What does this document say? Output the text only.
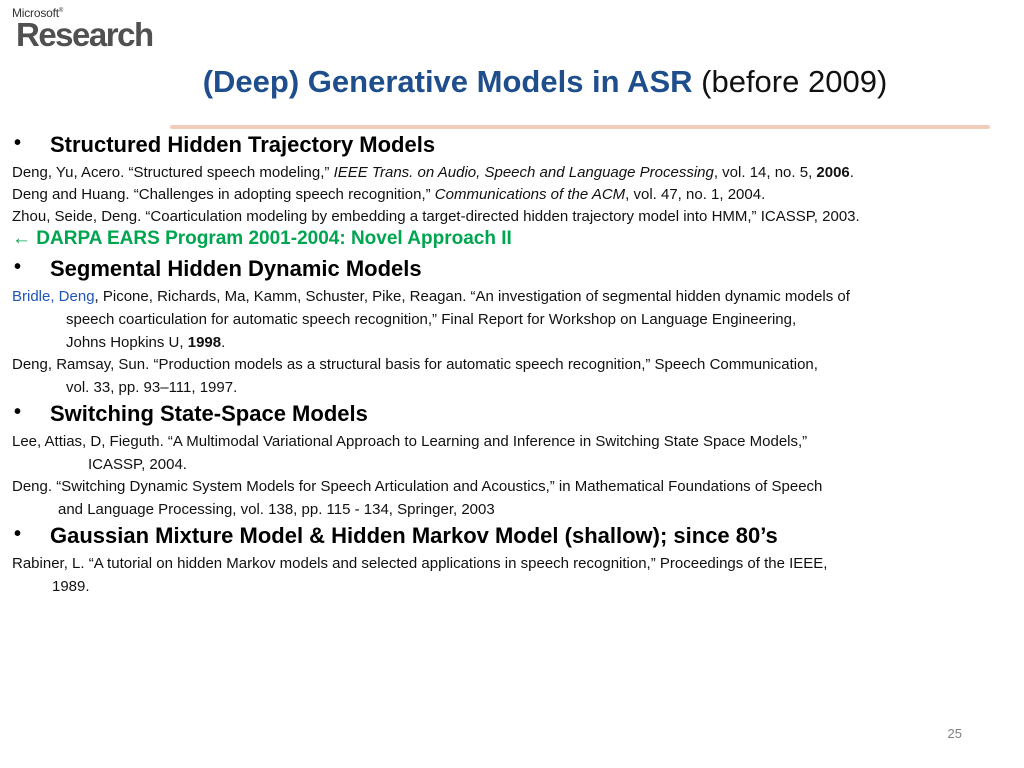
Microsoft®
Research
(Deep) Generative Models in ASR (before 2009)
• Structured Hidden Trajectory Models
Deng, Yu, Acero. “Structured speech modeling,” IEEE Trans. on Audio, Speech and Language Processing, vol. 14, no. 5, 2006.
Deng and Huang. “Challenges in adopting speech recognition,” Communications of the ACM, vol. 47, no. 1, 2004.
Zhou, Seide, Deng. “Coarticulation modeling by embedding a target-directed hidden trajectory model into HMM,” ICASSP, 2003.
← DARPA EARS Program 2001-2004: Novel Approach II
• Segmental Hidden Dynamic Models
Bridle, Deng, Picone, Richards, Ma, Kamm, Schuster, Pike, Reagan. “An investigation of segmental hidden dynamic models of
speech coarticulation for automatic speech recognition,” Final Report for Workshop on Language Engineering,
Johns Hopkins U, 1998.
Deng, Ramsay, Sun. “Production models as a structural basis for automatic speech recognition,” Speech Communication,
vol. 33, pp. 93–111, 1997.
• Switching State-Space Models
Lee, Attias, D, Fieguth. “A Multimodal Variational Approach to Learning and Inference in Switching State Space Models,”
ICASSP, 2004.
Deng. “Switching Dynamic System Models for Speech Articulation and Acoustics,” in Mathematical Foundations of Speech
and Language Processing, vol. 138, pp. 115 - 134, Springer, 2003
• Gaussian Mixture Model & Hidden Markov Model (shallow); since 80’s
Rabiner, L. “A tutorial on hidden Markov models and selected applications in speech recognition,” Proceedings of the IEEE,
1989.
25
